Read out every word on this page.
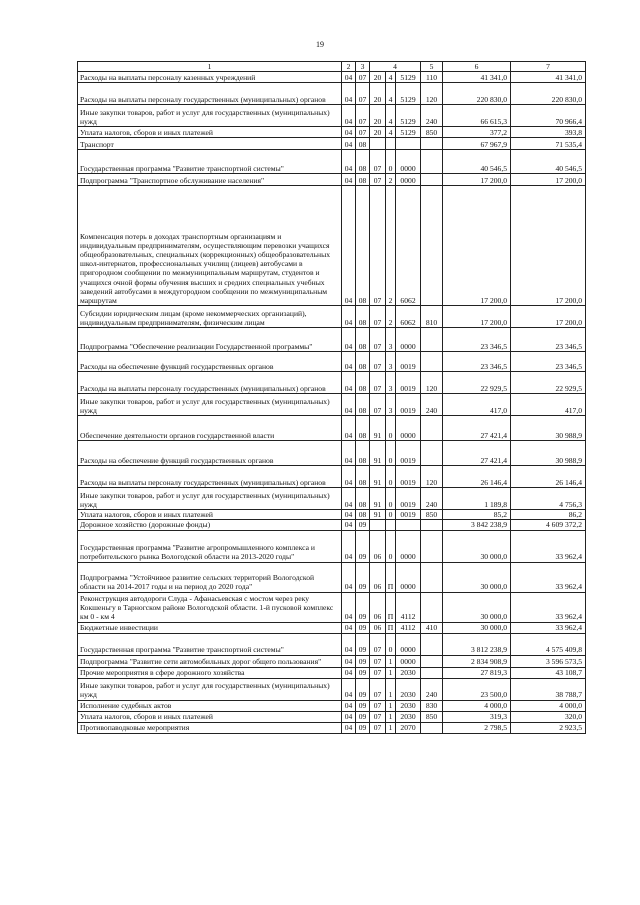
19
1	2	3	4			5	6	7
Расходы на выплаты персоналу казенных учреждений	04	07	20	4	5129	110	41 341,0	41 341,0
Расходы на выплаты персоналу государственных (муниципальных) органов	04	07	20	4	5129	120	220 830,0	220 830,0
Иные закупки товаров, работ и услуг для государственных (муниципальных) нужд	04	07	20	4	5129	240	66 615,3	70 966,4
Уплата налогов, сборов и иных платежей	04	07	20	4	5129	850	377,2	393,8
Транспорт	04	08					67 967,9	71 535,4
Государственная программа "Развитие транспортной системы"	04	08	07	0	0000		40 546,5	40 546,5
Подпрограмма "Транспортное обслуживание населения"	04	08	07	2	0000		17 200,0	17 200,0
Компенсация потерь в доходах транспортным организациям и индивидуальным предпринимателям, осуществляющим перевозки учащихся общеобразовательных, специальных (коррекционных) общеобразовательных школ-интернатов, профессиональных училищ (лицеев) автобусами в пригородном сообщении по межмуниципальным маршрутам, студентов и учащихся очной формы обучения высших и средних специальных учебных заведений автобусами в междугородном сообщении по межмуниципальным маршрутам	04	08	07	2	6062		17 200,0	17 200,0
Субсидии юридическим лицам (кроме некоммерческих организаций), индивидуальным предпринимателям, физическим лицам	04	08	07	2	6062	810	17 200,0	17 200,0
Подпрограмма "Обеспечение реализации Государственной программы"	04	08	07	3	0000		23 346,5	23 346,5
Расходы на обеспечение функций государственных органов	04	08	07	3	0019		23 346,5	23 346,5
Расходы на выплаты персоналу государственных (муниципальных) органов	04	08	07	3	0019	120	22 929,5	22 929,5
Иные закупки товаров, работ и услуг для государственных (муниципальных) нужд	04	08	07	3	0019	240	417,0	417,0
Обеспечение деятельности органов государственной власти	04	08	91	0	0000		27 421,4	30 988,9
Расходы на обеспечение функций государственных органов	04	08	91	0	0019		27 421,4	30 988,9
Расходы на выплаты персоналу государственных (муниципальных) органов	04	08	91	0	0019	120	26 146,4	26 146,4
Иные закупки товаров, работ и услуг для государственных (муниципальных) нужд	04	08	91	0	0019	240	1 189,8	4 756,3
Уплата налогов, сборов и иных платежей	04	08	91	0	0019	850	85,2	86,2
Дорожное хозяйство (дорожные фонды)	04	09					3 842 238,9	4 609 372,2
Государственная программа "Развитие агропромышленного комплекса и потребительского рынка Вологодской области на 2013-2020 годы"	04	09	06	0	0000		30 000,0	33 962,4
Подпрограмма "Устойчивое развитие сельских территорий Вологодской области на 2014-2017 годы и на период до 2020 года"	04	09	06	П	0000		30 000,0	33 962,4
Реконструкция автодороги Слуда - Афанасьевская с мостом через реку Кокшеньгу в Тарногском районе Вологодской области. 1-й пусковой комплекс км 0 - км 4	04	09	06	П	4112		30 000,0	33 962,4
Бюджетные инвестиции	04	09	06	П	4112	410	30 000,0	33 962,4
Государственная программа "Развитие транспортной системы"	04	09	07	0	0000		3 812 238,9	4 575 409,8
Подпрограмма "Развитие сети автомобильных дорог общего пользования"	04	09	07	1	0000		2 834 908,9	3 596 573,5
Прочие мероприятия в сфере дорожного хозяйства	04	09	07	1	2030		27 819,3	43 108,7
Иные закупки товаров, работ и услуг для государственных (муниципальных) нужд	04	09	07	1	2030	240	23 500,0	38 788,7
Исполнение судебных актов	04	09	07	1	2030	830	4 000,0	4 000,0
Уплата налогов, сборов и иных платежей	04	09	07	1	2030	850	319,3	320,0
Противопаводковые мероприятия	04	09	07	1	2070		2 798,5	2 923,5
